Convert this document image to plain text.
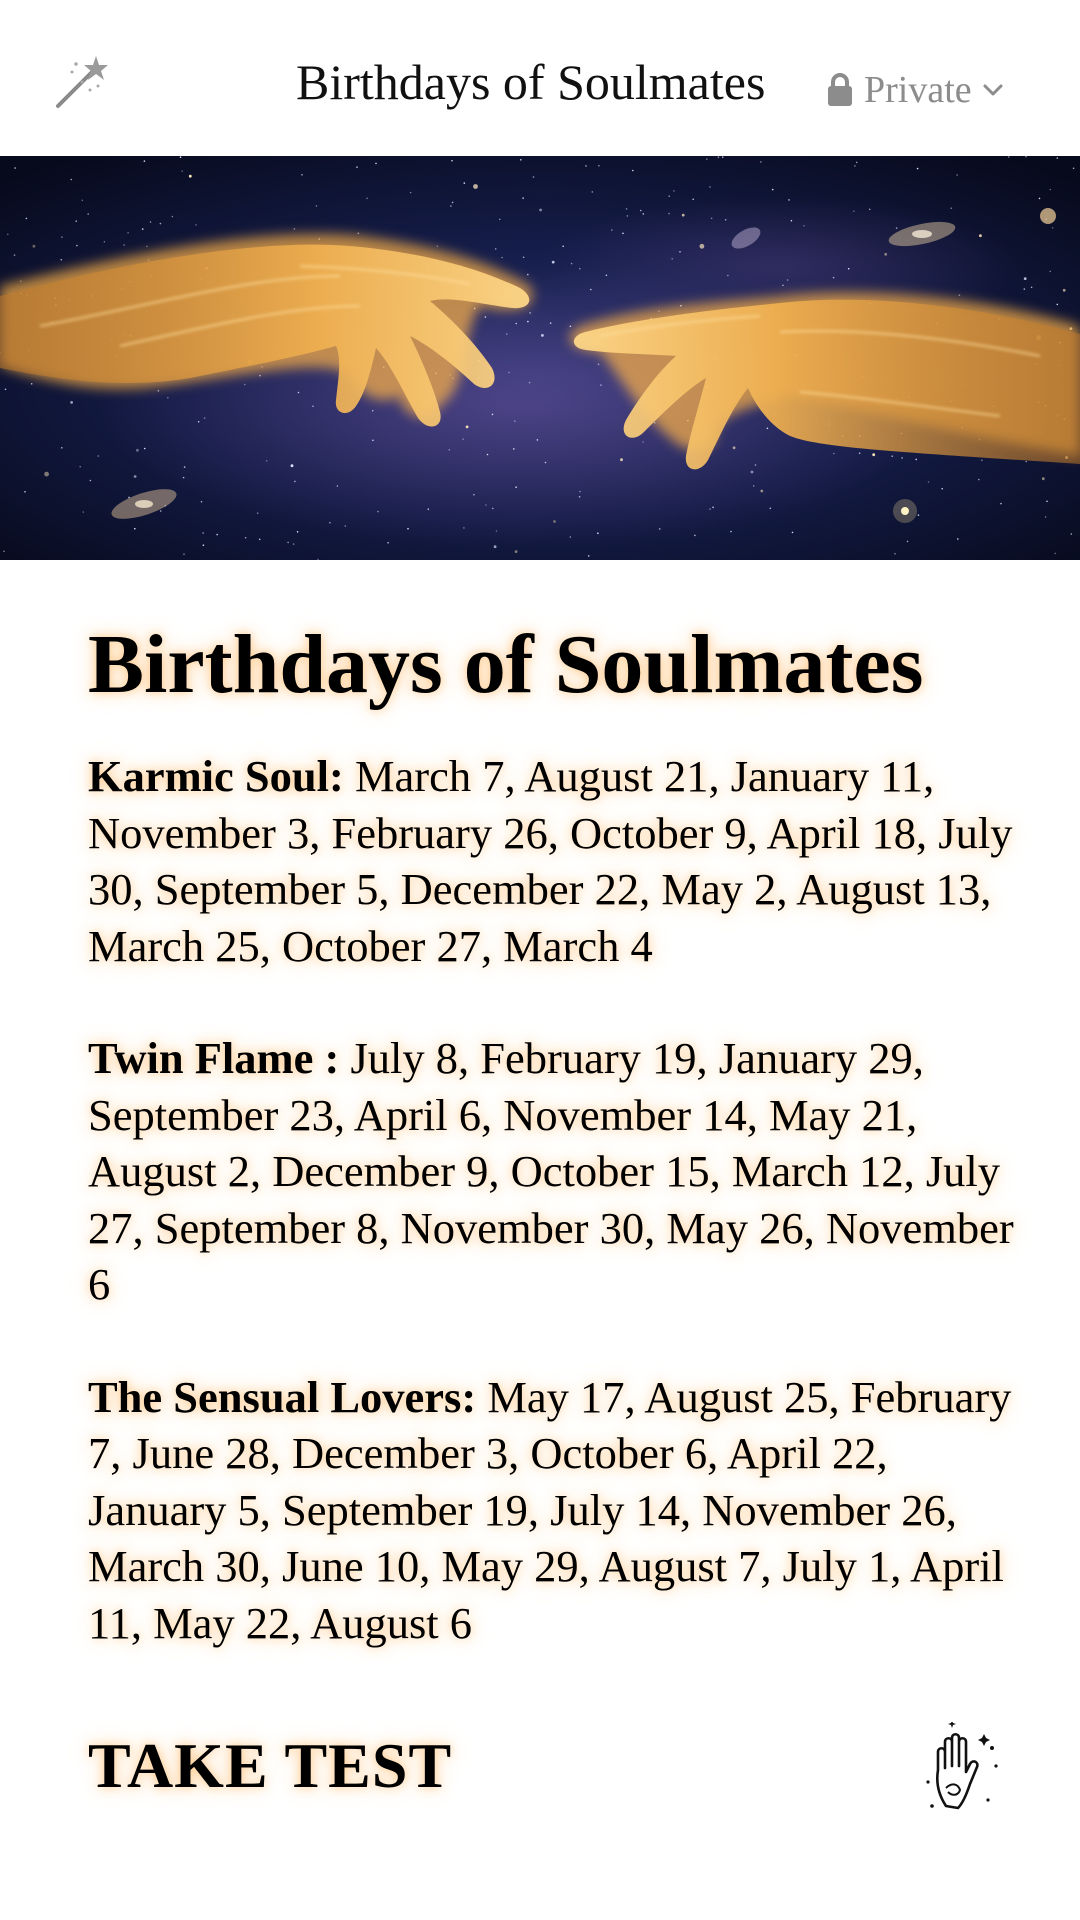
Birthdays of Soulmates	Private
Birthdays of Soulmates

Karmic Soul: March 7, August 21, January 11, November 3, February 26, October 9, April 18, July 30, September 5, December 22, May 2, August 13, March 25, October 27, March 4

Twin Flame : July 8, February 19, January 29, September 23, April 6, November 14, May 21, August 2, December 9, October 15, March 12, July 27, September 8, November 30, May 26, November 6

The Sensual Lovers: May 17, August 25, February 7, June 28, December 3, October 6, April 22, January 5, September 19, July 14, November 26, March 30, June 10, May 29, August 7, July 1, April 11, May 22, August 6

TAKE TEST
